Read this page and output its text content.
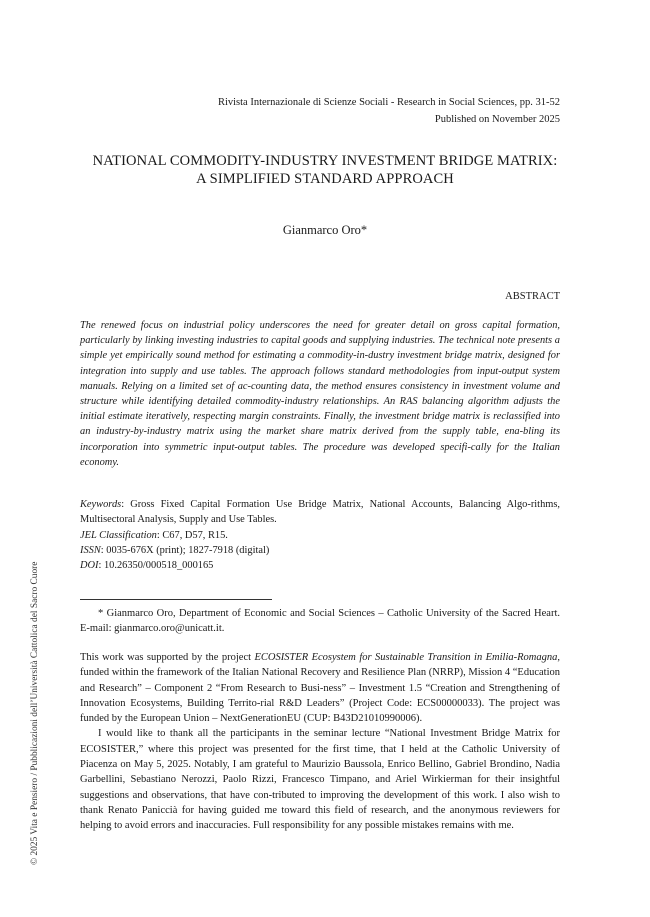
Rivista Internazionale di Scienze Sociali - Research in Social Sciences, pp. 31-52
Published on November 2025
NATIONAL COMMODITY-INDUSTRY INVESTMENT BRIDGE MATRIX:
A SIMPLIFIED STANDARD APPROACH
Gianmarco Oro*
ABSTRACT
The renewed focus on industrial policy underscores the need for greater detail on gross capital formation, particularly by linking investing industries to capital goods and supplying industries. The technical note presents a simple yet empirically sound method for estimating a commodity-in-dustry investment bridge matrix, designed for integration into supply and use tables. The approach follows standard methodologies from input-output system manuals. Relying on a limited set of ac-counting data, the method ensures consistency in investment volume and structure while identifying detailed commodity-industry relationships. An RAS balancing algorithm adjusts the initial estimate iteratively, respecting margin constraints. Finally, the investment bridge matrix is reclassified into an industry-by-industry matrix using the market share matrix derived from the supply table, ena-bling its incorporation into symmetric input-output tables. The procedure was developed specifi-cally for the Italian economy.
Keywords: Gross Fixed Capital Formation Use Bridge Matrix, National Accounts, Balancing Algo-rithms, Multisectoral Analysis, Supply and Use Tables.
JEL Classification: C67, D57, R15.
ISSN: 0035-676X (print); 1827-7918 (digital)
DOI: 10.26350/000518_000165
* Gianmarco Oro, Department of Economic and Social Sciences – Catholic University of the Sacred Heart. E-mail: gianmarco.oro@unicatt.it.

This work was supported by the project ECOSISTER Ecosystem for Sustainable Transition in Emilia-Romagna, funded within the framework of the Italian National Recovery and Resilience Plan (NRRP), Mission 4 “Education and Research” – Component 2 “From Research to Busi-ness” – Investment 1.5 “Creation and Strengthening of Innovation Ecosystems, Building Territo-rial R&D Leaders” (Project Code: ECS00000033). The project was funded by the European Union – NextGenerationEU (CUP: B43D21010990006).

I would like to thank all the participants in the seminar lecture “National Investment Bridge Matrix for ECOSISTER,” where this project was presented for the first time, that I held at the Catholic University of Piacenza on May 5, 2025. Notably, I am grateful to Maurizio Baussola, Enrico Bellino, Gabriel Brondino, Nadia Garbellini, Sebastiano Nerozzi, Paolo Rizzi, Francesco Timpano, and Ariel Wirkierman for their insightful suggestions and observations, that have con-tributed to improving the development of this work. I also wish to thank Renato Paniccià for having guided me toward this field of research, and the anonymous reviewers for helping to avoid errors and inaccuracies. Full responsibility for any possible mistakes remains with me.

© 2025 Vita e Pensiero / Pubblicazioni dell’Università Cattolica del Sacro Cuore
